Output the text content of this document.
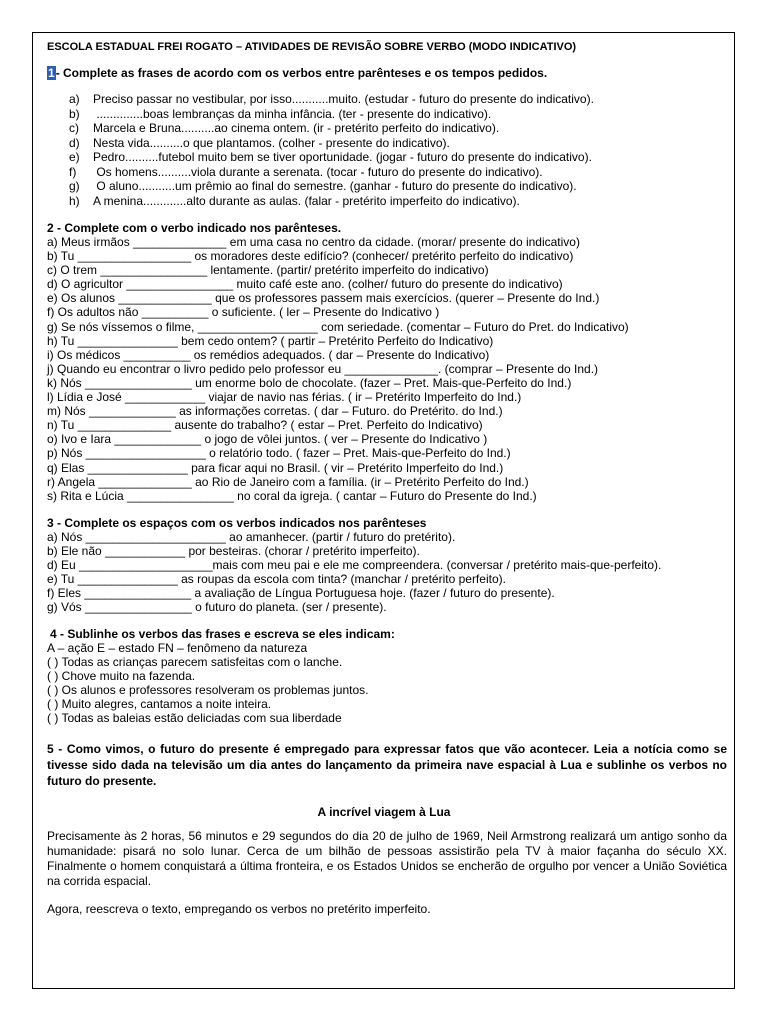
ESCOLA ESTADUAL FREI ROGATO – ATIVIDADES DE REVISÃO SOBRE VERBO (MODO INDICATIVO)
1- Complete as frases de acordo com os verbos entre parênteses e os tempos pedidos.
a) Preciso passar no vestibular, por isso...........muito. (estudar - futuro do presente do indicativo).
b) ..............boas lembranças da minha infância. (ter - presente do indicativo).
c) Marcela e Bruna..........ao cinema ontem. (ir - pretérito perfeito do indicativo).
d) Nesta vida..........o que plantamos. (colher - presente do indicativo).
e) Pedro..........futebol muito bem se tiver oportunidade. (jogar - futuro do presente do indicativo).
f) Os homens..........viola durante a serenata. (tocar - futuro do presente do indicativo).
g) O aluno...........um prêmio ao final do semestre. (ganhar - futuro do presente do indicativo).
h) A menina.............alto durante as aulas. (falar - pretérito imperfeito do indicativo).
2 - Complete com o verbo indicado nos parênteses.
a) Meus irmãos ______________ em uma casa no centro da cidade. (morar/ presente do indicativo)
b) Tu _________________ os moradores deste edifício? (conhecer/ pretérito perfeito do indicativo)
c) O trem ________________ lentamente. (partir/ pretérito imperfeito do indicativo)
d) O agricultor ________________ muito café este ano. (colher/ futuro do presente do indicativo)
e) Os alunos ______________ que os professores passem mais exercícios. (querer – Presente do Ind.)
f) Os adultos não __________ o suficiente. ( ler – Presente do Indicativo )
g) Se nós víssemos o filme, __________________ com seriedade. (comentar – Futuro do Pret. do Indicativo)
h) Tu _______________ bem cedo ontem? ( partir – Pretérito Perfeito do Indicativo)
i) Os médicos __________ os remédios adequados. ( dar – Presente do Indicativo)
j) Quando eu encontrar o livro pedido pelo professor eu ______________. (comprar – Presente do Ind.)
k) Nós ________________ um enorme bolo de chocolate. (fazer – Pret. Mais-que-Perfeito do Ind.)
l) Lídia e José ____________ viajar de navio nas férias. ( ir – Pretérito Imperfeito do Ind.)
m) Nós _____________ as informações corretas. ( dar – Futuro. do Pretérito. do Ind.)
n) Tu ______________ ausente do trabalho? ( estar – Pret. Perfeito do Indicativo)
o) Ivo e Iara _____________ o jogo de vôlei juntos. ( ver – Presente do Indicativo )
p) Nós __________________ o relatório todo. ( fazer – Pret. Mais-que-Perfeito do Ind.)
q) Elas _______________ para ficar aqui no Brasil. ( vir – Pretérito Imperfeito do Ind.)
r) Angela ______________ ao Rio de Janeiro com a família. (ir – Pretérito Perfeito do Ind.)
s) Rita e Lúcia ________________ no coral da igreja. ( cantar – Futuro do Presente do Ind.)
3 - Complete os espaços com os verbos indicados nos parênteses
a) Nós _____________________ ao amanhecer. (partir / futuro do pretérito).
b) Ele não ____________ por besteiras. (chorar / pretérito imperfeito).
d) Eu ____________________mais com meu pai e ele me compreendera. (conversar / pretérito mais-que-perfeito).
e) Tu _______________ as roupas da escola com tinta? (manchar / pretérito perfeito).
f) Eles ________________ a avaliação de Língua Portuguesa hoje. (fazer / futuro do presente).
g) Vós ________________ o futuro do planeta. (ser / presente).
4 - Sublinhe os verbos das frases e escreva se eles indicam:
A – ação E – estado FN – fenômeno da natureza
( ) Todas as crianças parecem satisfeitas com o lanche.
( ) Chove muito na fazenda.
( ) Os alunos e professores resolveram os problemas juntos.
( ) Muito alegres, cantamos a noite inteira.
( ) Todas as baleias estão deliciadas com sua liberdade
5 - Como vimos, o futuro do presente é empregado para expressar fatos que vão acontecer. Leia a notícia como se tivesse sido dada na televisão um dia antes do lançamento da primeira nave espacial à Lua e sublinhe os verbos no futuro do presente.
A incrível viagem à Lua
Precisamente às 2 horas, 56 minutos e 29 segundos do dia 20 de julho de 1969, Neil Armstrong realizará um antigo sonho da humanidade: pisará no solo lunar. Cerca de um bilhão de pessoas assistirão pela TV à maior façanha do século XX. Finalmente o homem conquistará a última fronteira, e os Estados Unidos se encherão de orgulho por vencer a União Soviética na corrida espacial.
Agora, reescreva o texto, empregando os verbos no pretérito imperfeito.
